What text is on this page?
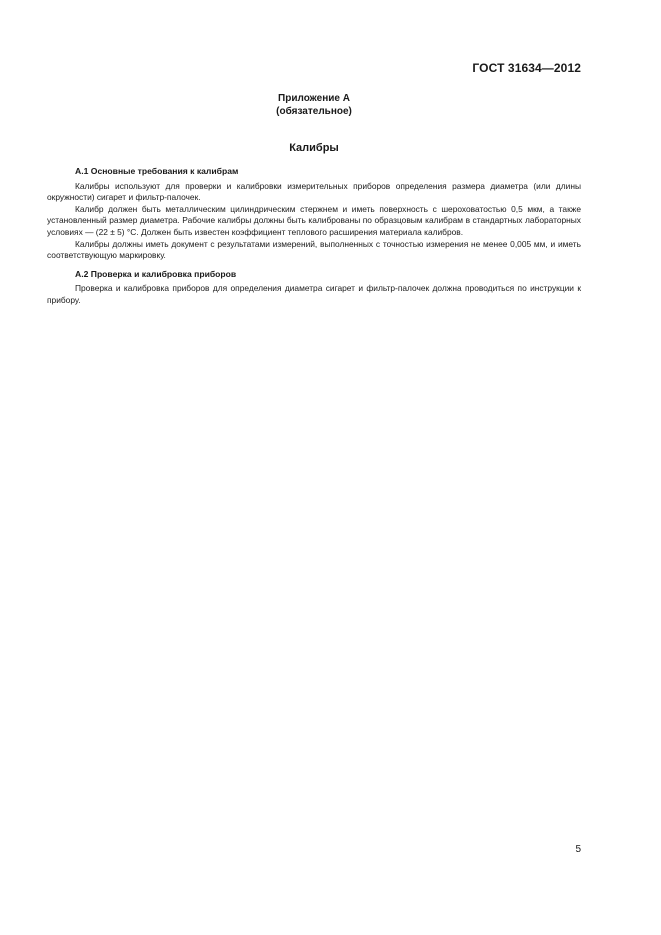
ГОСТ 31634—2012
Приложение А
(обязательное)
Калибры
А.1 Основные требования к калибрам

Калибры используют для проверки и калибровки измерительных приборов определения размера диаметра (или длины окружности) сигарет и фильтр-палочек.

Калибр должен быть металлическим цилиндрическим стержнем и иметь поверхность с шероховатостью 0,5 мкм, а также установленный размер диаметра. Рабочие калибры должны быть калиброваны по образцовым калибрам в стандартных лабораторных условиях — (22 ± 5) °С. Должен быть известен коэффициент теплового расширения материала калибров.

Калибры должны иметь документ с результатами измерений, выполненных с точностью измерения не менее 0,005 мм, и иметь соответствующую маркировку.

А.2 Проверка и калибровка приборов

Проверка и калибровка приборов для определения диаметра сигарет и фильтр-палочек должна проводиться по инструкции к прибору.

5
